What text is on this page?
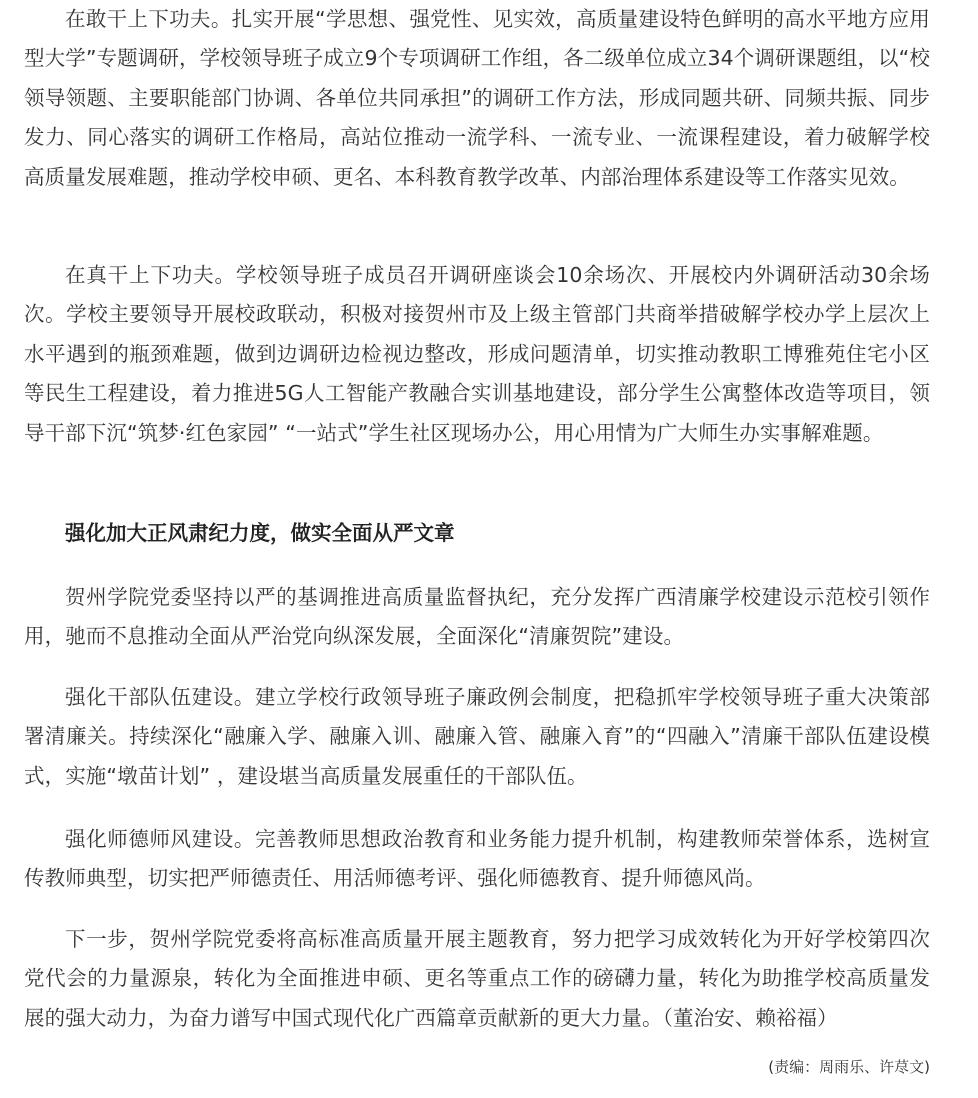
在敢干上下功夫。扎实开展“学思想、强党性、见实效，高质量建设特色鲜明的高水平地方应用型大学”专题调研，学校领导班子成立9个专项调研工作组，各二级单位成立34个调研课题组，以“校领导领题、主要职能部门协调、各单位共同承担”的调研工作方法，形成同题共研、同频共振、同步发力、同心落实的调研工作格局，高站位推动一流学科、一流专业、一流课程建设，着力破解学校高质量发展难题，推动学校申硕、更名、本科教育教学改革、内部治理体系建设等工作落实见效。

在真干上下功夫。学校领导班子成员召开调研座谈会10余场次、开展校内外调研活动30余场次。学校主要领导开展校政联动，积极对接贺州市及上级主管部门共商举措破解学校办学上层次上水平遇到的瓶颈难题，做到边调研边检视边整改，形成问题清单，切实推动教职工博雅苑住宅小区等民生工程建设，着力推进5G人工智能产教融合实训基地建设，部分学生公寓整体改造等项目，领导干部下沉“筑梦·红色家园” “一站式”学生社区现场办公，用心用情为广大师生办实事解难题。

强化加大正风肃纪力度，做实全面从严文章

贺州学院党委坚持以严的基调推进高质量监督执纪，充分发挥广西清廉学校建设示范校引领作用，驰而不息推动全面从严治党向纵深发展，全面深化“清廉贺院”建设。

强化干部队伍建设。建立学校行政领导班子廉政例会制度，把稳抓牢学校领导班子重大决策部署清廉关。持续深化“融廉入学、融廉入训、融廉入管、融廉入育”的“四融入”清廉干部队伍建设模式，实施“墩苗计划” ，建设堪当高质量发展重任的干部队伍。

强化师德师风建设。完善教师思想政治教育和业务能力提升机制，构建教师荣誉体系，选树宣传教师典型，切实把严师德责任、用活师德考评、强化师德教育、提升师德风尚。

下一步，贺州学院党委将高标准高质量开展主题教育，努力把学习成效转化为开好学校第四次党代会的力量源泉，转化为全面推进申硕、更名等重点工作的磅礴力量，转化为助推学校高质量发展的强大动力，为奋力谱写中国式现代化广西篇章贡献新的更大力量。（董治安、赖裕福）

(责编：周雨乐、许荩文)
